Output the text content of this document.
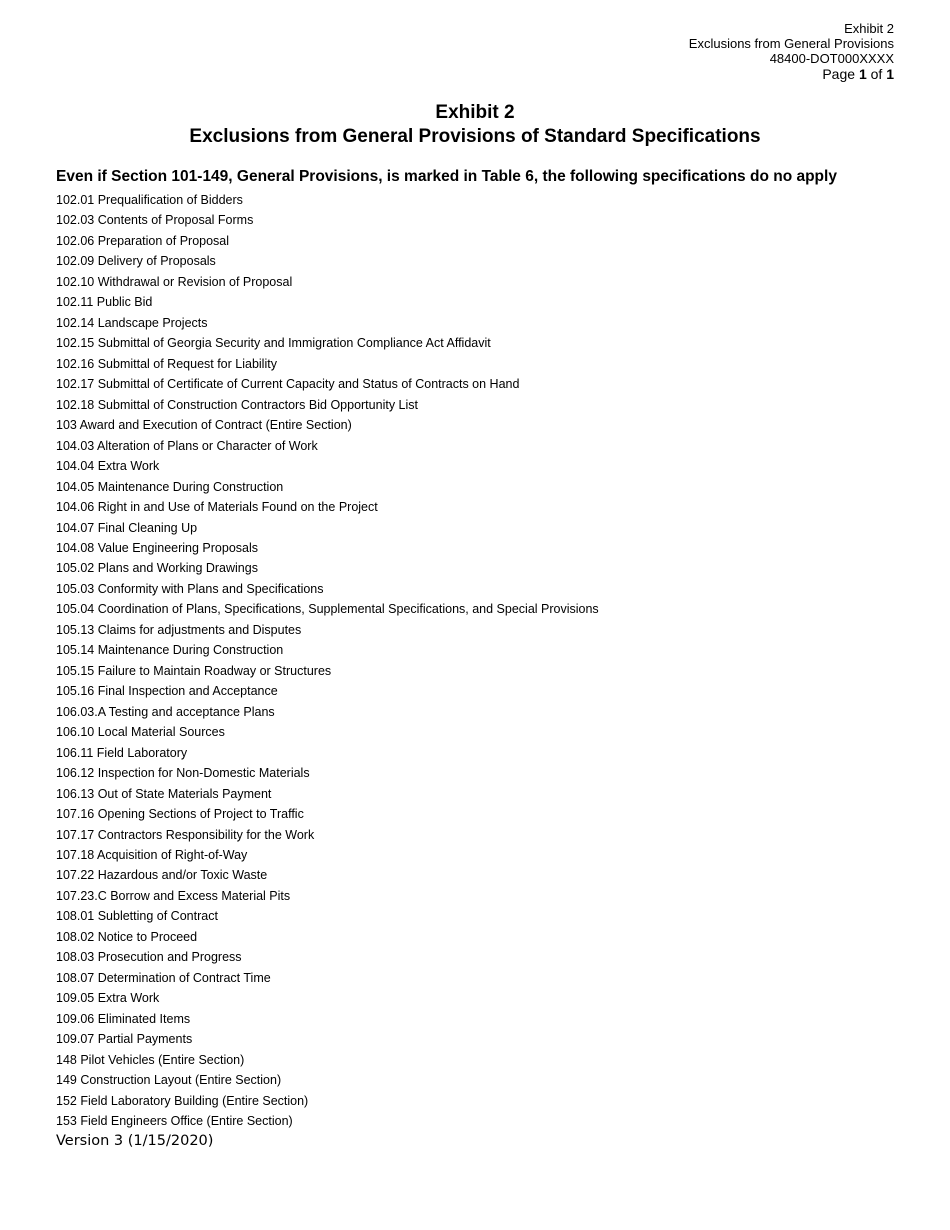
Exhibit 2
Exclusions from General Provisions
48400-DOT000XXXX
Page 1 of 1
Exhibit 2
Exclusions from General Provisions of Standard Specifications
Even if Section 101-149, General Provisions, is marked in Table 6, the following specifications do no apply
102.01 Prequalification of Bidders
102.03 Contents of Proposal Forms
102.06 Preparation of Proposal
102.09 Delivery of Proposals
102.10 Withdrawal or Revision of Proposal
102.11 Public Bid
102.14 Landscape Projects
102.15 Submittal of Georgia Security and Immigration Compliance Act Affidavit
102.16 Submittal of Request for Liability
102.17 Submittal of Certificate of Current Capacity and Status of Contracts on Hand
102.18 Submittal of Construction Contractors Bid Opportunity List
103 Award and Execution of Contract (Entire Section)
104.03 Alteration of Plans or Character of Work
104.04 Extra Work
104.05 Maintenance During Construction
104.06 Right in and Use of Materials Found on the Project
104.07 Final Cleaning Up
104.08 Value Engineering Proposals
105.02 Plans and Working Drawings
105.03 Conformity with Plans and Specifications
105.04 Coordination of Plans, Specifications, Supplemental Specifications, and Special Provisions
105.13 Claims for adjustments and Disputes
105.14 Maintenance During Construction
105.15 Failure to Maintain Roadway or Structures
105.16 Final Inspection and Acceptance
106.03.A Testing and acceptance Plans
106.10 Local Material Sources
106.11 Field Laboratory
106.12 Inspection for Non-Domestic Materials
106.13 Out of State Materials Payment
107.16 Opening Sections of Project to Traffic
107.17 Contractors Responsibility for the Work
107.18 Acquisition of Right-of-Way
107.22 Hazardous and/or Toxic Waste
107.23.C Borrow and Excess Material Pits
108.01 Subletting of Contract
108.02 Notice to Proceed
108.03 Prosecution and Progress
108.07 Determination of Contract Time
109.05 Extra Work
109.06 Eliminated Items
109.07 Partial Payments
148 Pilot Vehicles (Entire Section)
149 Construction Layout (Entire Section)
152 Field Laboratory Building (Entire Section)
153 Field Engineers Office (Entire Section)
Version 3 (1/15/2020)
